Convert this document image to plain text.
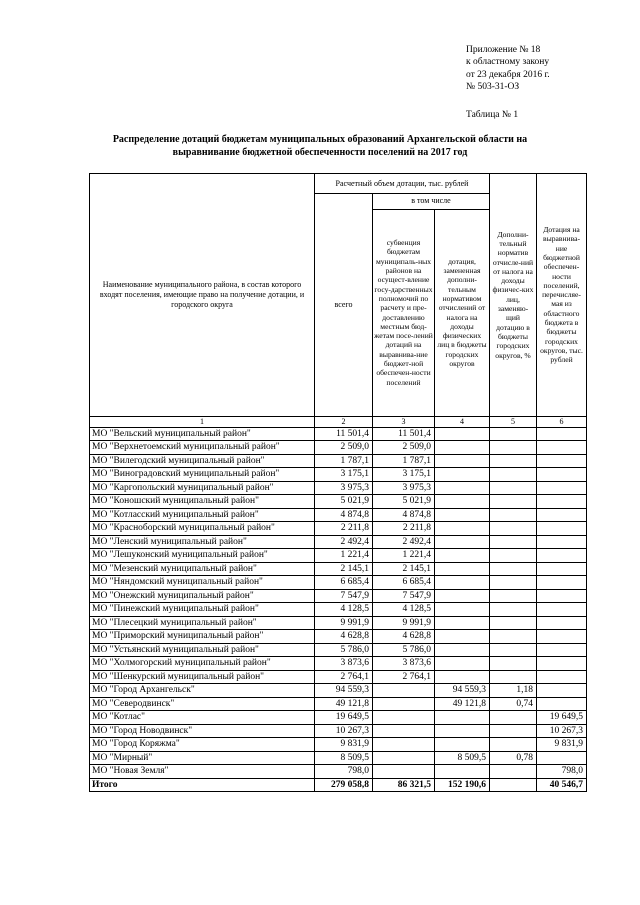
Приложение № 18
к областному закону
от 23 декабря 2016 г.
№ 503-31-ОЗ
Таблица № 1
Распределение дотаций бюджетам муниципальных образований Архангельской области на
выравнивание бюджетной обеспеченности поселений на 2017 год
Наименование муниципального района, в состав которого входят поселения, имеющие право на получение дотации, и городского округа	Расчетный объем дотации, тыс. рублей			Дополни-тельный норматив отчисле-ний от налога на доходы физичес-ких лиц, заменяю-щий дотацию в бюджеты городских округов, %	Дотация на выравнива-ние бюджетной обеспечен-ности поселений, перечисляе-мая из областного бюджета в бюджеты городских округов, тыс. рублей
	всего	в том числе			
		субвенция бюджетам муниципаль-ных районов на осущест-вление госу-дарственных полномочий по расчету и пре-доставлению местным бюд-жетам посе-лений дотаций на выравнива-ние бюджет-ной обеспечен-ности поселений	дотация, замененная дополни-тельным нормативом отчислений от налога на доходы физических лиц в бюджеты городских округов		
1	2	3	4	5	6
МО "Вельский муниципальный район"	11 501,4	11 501,4			
МО "Верхнетоемский муниципальный район"	2 509,0	2 509,0			
МО "Вилегодский муниципальный район"	1 787,1	1 787,1			
МО "Виноградовский муниципальный район"	3 175,1	3 175,1			
МО "Каргопольский муниципальный район"	3 975,3	3 975,3			
МО "Коношский муниципальный район"	5 021,9	5 021,9			
МО "Котласский муниципальный район"	4 874,8	4 874,8			
МО "Красноборский муниципальный район"	2 211,8	2 211,8			
МО "Ленский муниципальный район"	2 492,4	2 492,4			
МО "Лешуконский муниципальный район"	1 221,4	1 221,4			
МО "Мезенский муниципальный район"	2 145,1	2 145,1			
МО "Няндомский муниципальный район"	6 685,4	6 685,4			
МО "Онежский муниципальный район"	7 547,9	7 547,9			
МО "Пинежский муниципальный район"	4 128,5	4 128,5			
МО "Плесецкий муниципальный район"	9 991,9	9 991,9			
МО "Приморский муниципальный район"	4 628,8	4 628,8			
МО "Устьянский муниципальный район"	5 786,0	5 786,0			
МО "Холмогорский муниципальный район"	3 873,6	3 873,6			
МО "Шенкурский муниципальный район"	2 764,1	2 764,1			
МО "Город Архангельск"	94 559,3		94 559,3	1,18	
МО "Северодвинск"	49 121,8		49 121,8	0,74	
МО "Котлас"	19 649,5				19 649,5
МО "Город Новодвинск"	10 267,3				10 267,3
МО "Город Коряжма"	9 831,9				9 831,9
МО "Мирный"	8 509,5		8 509,5	0,78	
МО "Новая Земля"	798,0				798,0
Итого	279 058,8	86 321,5	152 190,6		40 546,7
